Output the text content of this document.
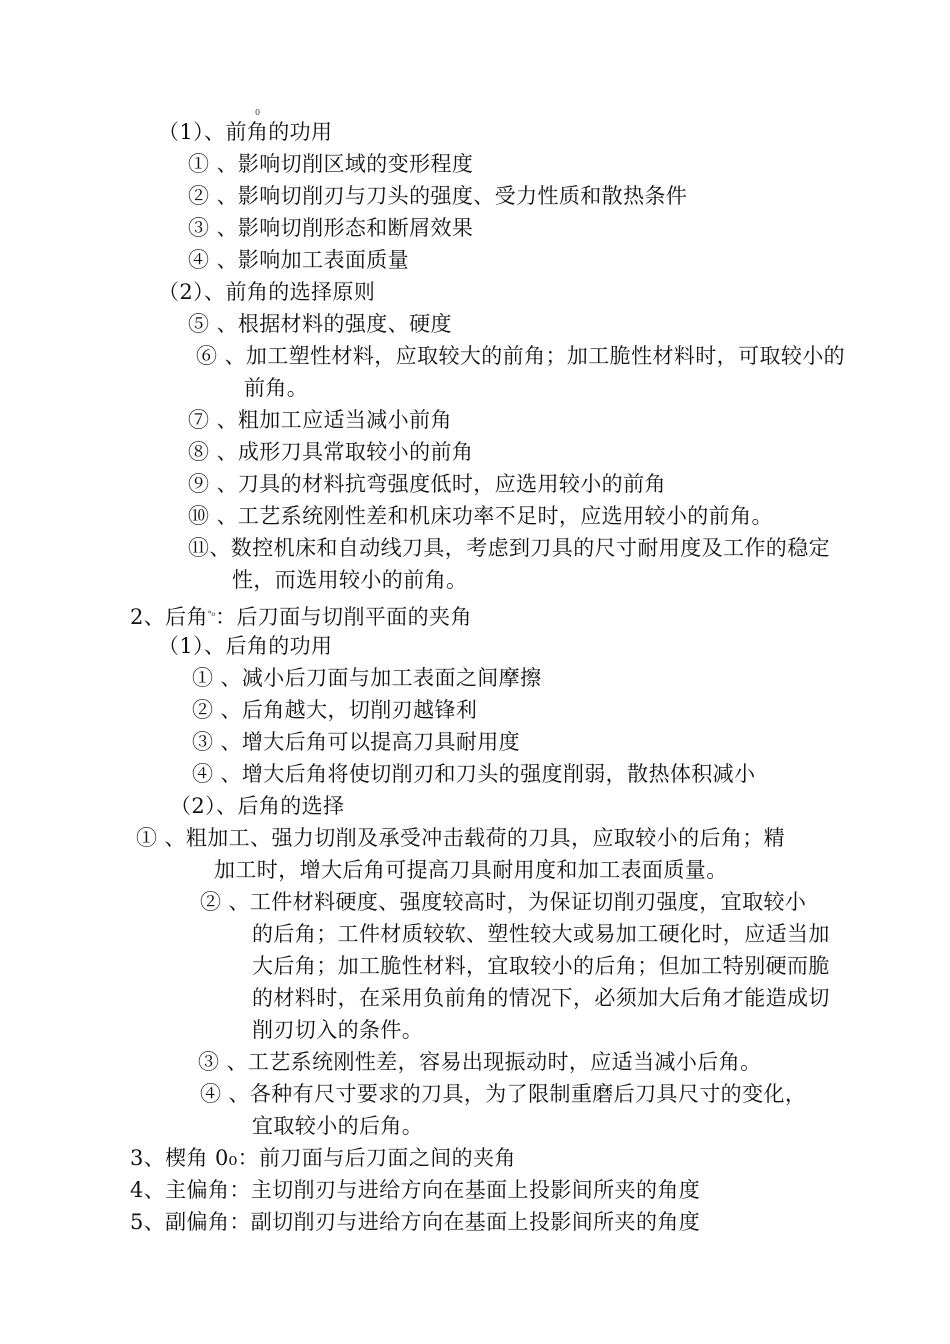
0
（1）、前角的功用
① 、影响切削区域的变形程度
② 、影响切削刃与刀头的强度、受力性质和散热条件
③ 、影响切削形态和断屑效果
④ 、影响加工表面质量
（2）、前角的选择原则
⑤ 、根据材料的强度、硬度
⑥ 、加工塑性材料，应取较大的前角；加工脆性材料时，可取较小的
前角。
⑦ 、粗加工应适当减小前角
⑧ 、成形刀具常取较小的前角
⑨ 、刀具的材料抗弯强度低时，应选用较小的前角
⑩ 、工艺系统刚性差和机床功率不足时，应选用较小的前角。
⑪、数控机床和自动线刀具，考虑到刀具的尺寸耐用度及工作的稳定
性，而选用较小的前角。
2、后角$^{ᵃ_0}$：后刀面与切削平面的夹角
（1）、后角的功用
① 、减小后刀面与加工表面之间摩擦
② 、后角越大，切削刃越锋利
③ 、增大后角可以提高刀具耐用度
④ 、增大后角将使切削刃和刀头的强度削弱，散热体积减小
（2）、后角的选择
① 、粗加工、强力切削及承受冲击载荷的刀具，应取较小的后角；精
加工时，增大后角可提高刀具耐用度和加工表面质量。
② 、工件材料硬度、强度较高时，为保证切削刃强度，宜取较小
的后角；工件材质较软、塑性较大或易加工硬化时，应适当加
大后角；加工脆性材料，宜取较小的后角；但加工特别硬而脆
的材料时，在采用负前角的情况下，必须加大后角才能造成切
削刃切入的条件。
③ 、工艺系统刚性差，容易出现振动时，应适当减小后角。
④ 、各种有尺寸要求的刀具，为了限制重磨后刀具尺寸的变化，
宜取较小的后角。
3、楔角 0₀：前刀面与后刀面之间的夹角
4、主偏角：主切削刃与进给方向在基面上投影间所夹的角度
5、副偏角：副切削刃与进给方向在基面上投影间所夹的角度
